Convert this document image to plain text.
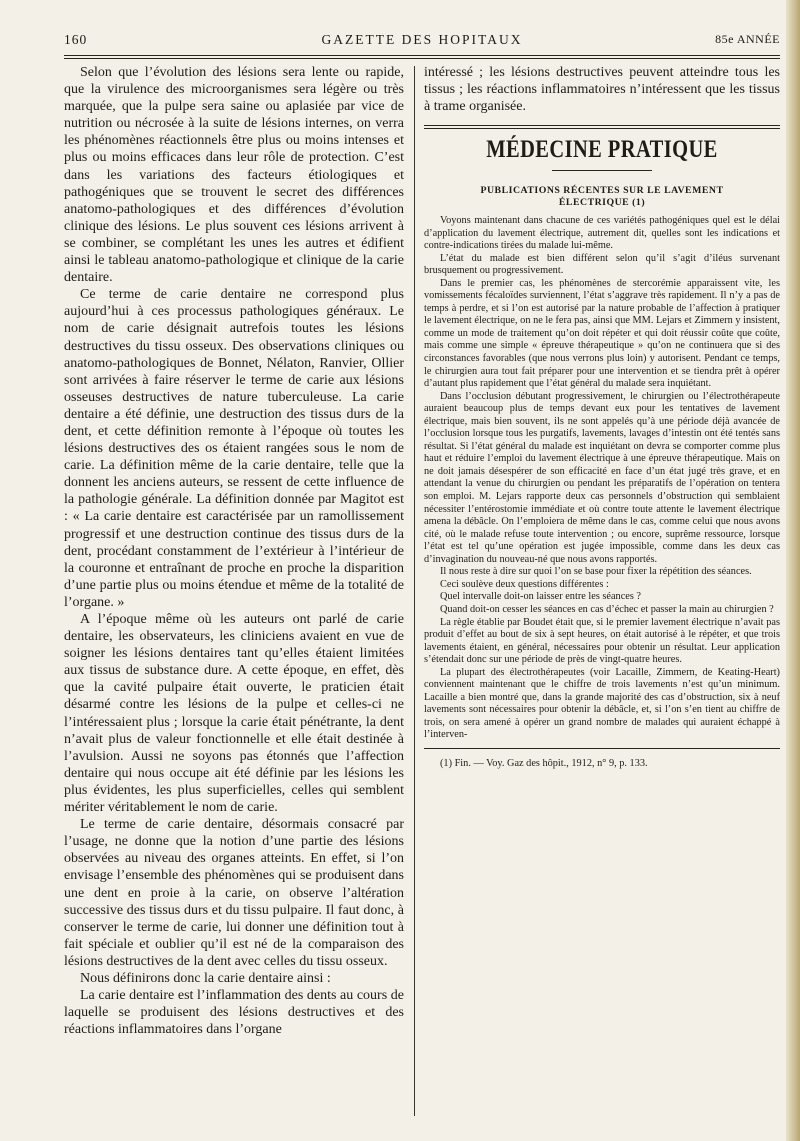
160	GAZETTE DES HOPITAUX	85e ANNÉE

Selon que l’évolution des lésions sera lente ou rapide, que la virulence des microorganismes sera légère ou très marquée, que la pulpe sera saine ou aplasiée par vice de nutrition ou nécrosée à la suite de lésions internes, on verra les phénomènes réactionnels être plus ou moins intenses et plus ou moins efficaces dans leur rôle de protection. C’est dans les variations des facteurs étiologiques et pathogéniques que se trouvent le secret des différences anatomo-pathologiques et des différences d’évolution clinique des lésions. Le plus souvent ces lésions arrivent à se combiner, se complétant les unes les autres et édifient ainsi le tableau anatomo-pathologique et clinique de la carie dentaire.

Ce terme de carie dentaire ne correspond plus aujourd’hui à ces processus pathologiques généraux. Le nom de carie désignait autrefois toutes les lésions destructives du tissu osseux. Des observations cliniques ou anatomo-pathologiques de Bonnet, Nélaton, Ranvier, Ollier sont arrivées à faire réserver le terme de carie aux lésions osseuses destructives de nature tuberculeuse. La carie dentaire a été définie, une destruction des tissus durs de la dent, et cette définition remonte à l’époque où toutes les lésions destructives des os étaient rangées sous le nom de carie. La définition même de la carie dentaire, telle que la donnent les anciens auteurs, se ressent de cette influence de la pathologie générale. La définition donnée par Magitot est : « La carie dentaire est caractérisée par un ramollissement progressif et une destruction continue des tissus durs de la dent, procédant constamment de l’extérieur à l’intérieur de la couronne et entraînant de proche en proche la disparition d’une partie plus ou moins étendue et même de la totalité de l’organe. »

A l’époque même où les auteurs ont parlé de carie dentaire, les observateurs, les cliniciens avaient en vue de soigner les lésions dentaires tant qu’elles étaient limitées aux tissus de substance dure. A cette époque, en effet, dès que la cavité pulpaire était ouverte, le praticien était désarmé contre les lésions de la pulpe et celles-ci ne l’intéressaient plus ; lorsque la carie était pénétrante, la dent n’avait plus de valeur fonctionnelle et elle était destinée à l’avulsion. Aussi ne soyons pas étonnés que l’affection dentaire qui nous occupe ait été définie par les lésions les plus évidentes, les plus superficielles, celles qui semblent mériter véritablement le nom de carie.

Le terme de carie dentaire, désormais consacré par l’usage, ne donne que la notion d’une partie des lésions observées au niveau des organes atteints. En effet, si l’on envisage l’ensemble des phénomènes qui se produisent dans une dent en proie à la carie, on observe l’altération successive des tissus durs et du tissu pulpaire. Il faut donc, à conserver le terme de carie, lui donner une définition tout à fait spéciale et oublier qu’il est né de la comparaison des lésions destructives de la dent avec celles du tissu osseux.

Nous définirons donc la carie dentaire ainsi :

La carie dentaire est l’inflammation des dents au cours de laquelle se produisent des lésions destructives et des réactions inflammatoires dans l’organe

intéressé ; les lésions destructives peuvent atteindre tous les tissus ; les réactions inflammatoires n’intéressent que les tissus à trame organisée.

MÉDECINE PRATIQUE
PUBLICATIONS RÉCENTES SUR LE LAVEMENT
ÉLECTRIQUE (1)

Voyons maintenant dans chacune de ces variétés pathogéniques quel est le délai d’application du lavement électrique, autrement dit, quelles sont les indications et contre-indications tirées du malade lui-même.

L’état du malade est bien différent selon qu’il s’agit d’iléus survenant brusquement ou progressivement.

Dans le premier cas, les phénomènes de stercorémie apparaissent vite, les vomissements fécaloïdes surviennent, l’état s’aggrave très rapidement. Il n’y a pas de temps à perdre, et si l’on est autorisé par la nature probable de l’affection à pratiquer le lavement électrique, on ne le fera pas, ainsi que MM. Lejars et Zimmern y insistent, comme un mode de traitement qu’on doit répéter et qui doit réussir coûte que coûte, mais comme une simple « épreuve thérapeutique » qu’on ne continuera que si des circonstances favorables (que nous verrons plus loin) y autorisent. Pendant ce temps, le chirurgien aura tout fait préparer pour une intervention et se tiendra prêt à opérer d’autant plus rapidement que l’état général du malade sera inquiétant.

Dans l’occlusion débutant progressivement, le chirurgien ou l’électrothérapeute auraient beaucoup plus de temps devant eux pour les tentatives de lavement électrique, mais bien souvent, ils ne sont appelés qu’à une période déjà avancée de l’occlusion lorsque tous les purgatifs, lavements, lavages d’intestin ont été tentés sans résultat. Si l’état général du malade est inquiétant on devra se comporter comme plus haut et réduire l’emploi du lavement électrique à une épreuve thérapeutique. Mais on ne doit jamais désespérer de son efficacité en face d’un état jugé très grave, et en attendant la venue du chirurgien ou pendant les préparatifs de l’opération on tentera son emploi. M. Lejars rapporte deux cas personnels d’obstruction qui semblaient nécessiter l’entérostomie immédiate et où contre toute attente le lavement électrique amena la débâcle. On l’emploiera de même dans le cas, comme celui que nous avons cité, où le malade refuse toute intervention ; ou encore, suprême ressource, lorsque l’état est tel qu’une opération est jugée impossible, comme dans les deux cas d’invagination du nouveau-né que nous avons rapportés.

Il nous reste à dire sur quoi l’on se base pour fixer la répétition des séances.

Ceci soulève deux questions différentes :

Quel intervalle doit-on laisser entre les séances ?

Quand doit-on cesser les séances en cas d’échec et passer la main au chirurgien ?

La règle établie par Boudet était que, si le premier lavement électrique n’avait pas produit d’effet au bout de six à sept heures, on était autorisé à le répéter, et que trois lavements étaient, en général, nécessaires pour obtenir un résultat. Leur application s’étendait donc sur une période de près de vingt-quatre heures.

La plupart des électrothérapeutes (voir Lacaille, Zimmern, de Keating-Heart) conviennent maintenant que le chiffre de trois lavements n’est qu’un minimum. Lacaille a bien montré que, dans la grande majorité des cas d’obstruction, six à neuf lavements sont nécessaires pour obtenir la débâcle, et, si l’on s’en tient au chiffre de trois, on sera amené à opérer un grand nombre de malades qui auraient échappé à l’interven-

(1) Fin. — Voy. Gaz des hôpit., 1912, n° 9, p. 133.
